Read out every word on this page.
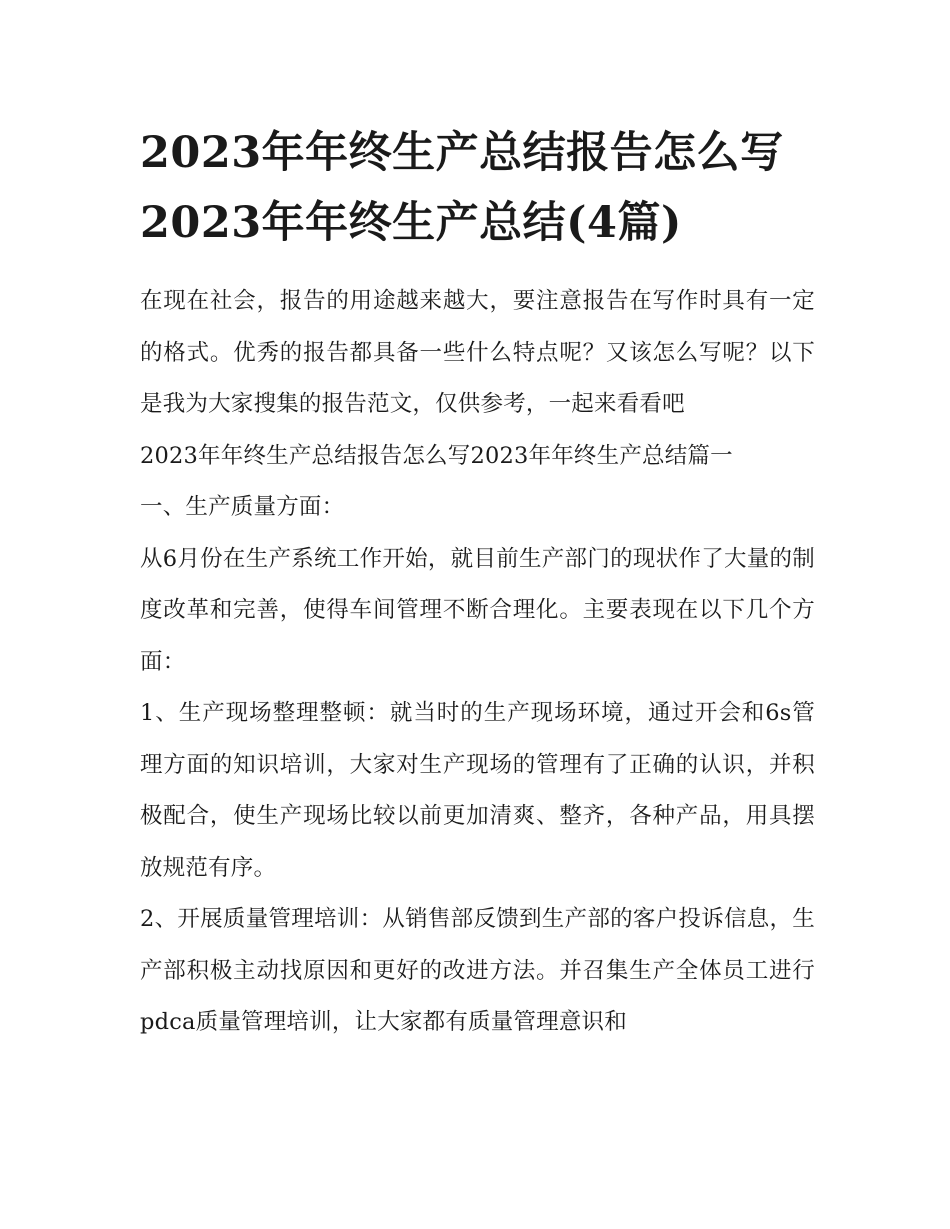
2023年年终生产总结报告怎么写2023年年终生产总结(4篇)

在现在社会，报告的用途越来越大，要注意报告在写作时具有一定的格式。优秀的报告都具备一些什么特点呢？又该怎么写呢？以下是我为大家搜集的报告范文，仅供参考，一起来看看吧

2023年年终生产总结报告怎么写2023年年终生产总结篇一

一、生产质量方面：

从6月份在生产系统工作开始，就目前生产部门的现状作了大量的制度改革和完善，使得车间管理不断合理化。主要表现在以下几个方面：

1、生产现场整理整顿：就当时的生产现场环境，通过开会和6s管理方面的知识培训，大家对生产现场的管理有了正确的认识，并积极配合，使生产现场比较以前更加清爽、整齐，各种产品，用具摆放规范有序。

2、开展质量管理培训：从销售部反馈到生产部的客户投诉信息，生产部积极主动找原因和更好的改进方法。并召集生产全体员工进行pdca质量管理培训，让大家都有质量管理意识和
